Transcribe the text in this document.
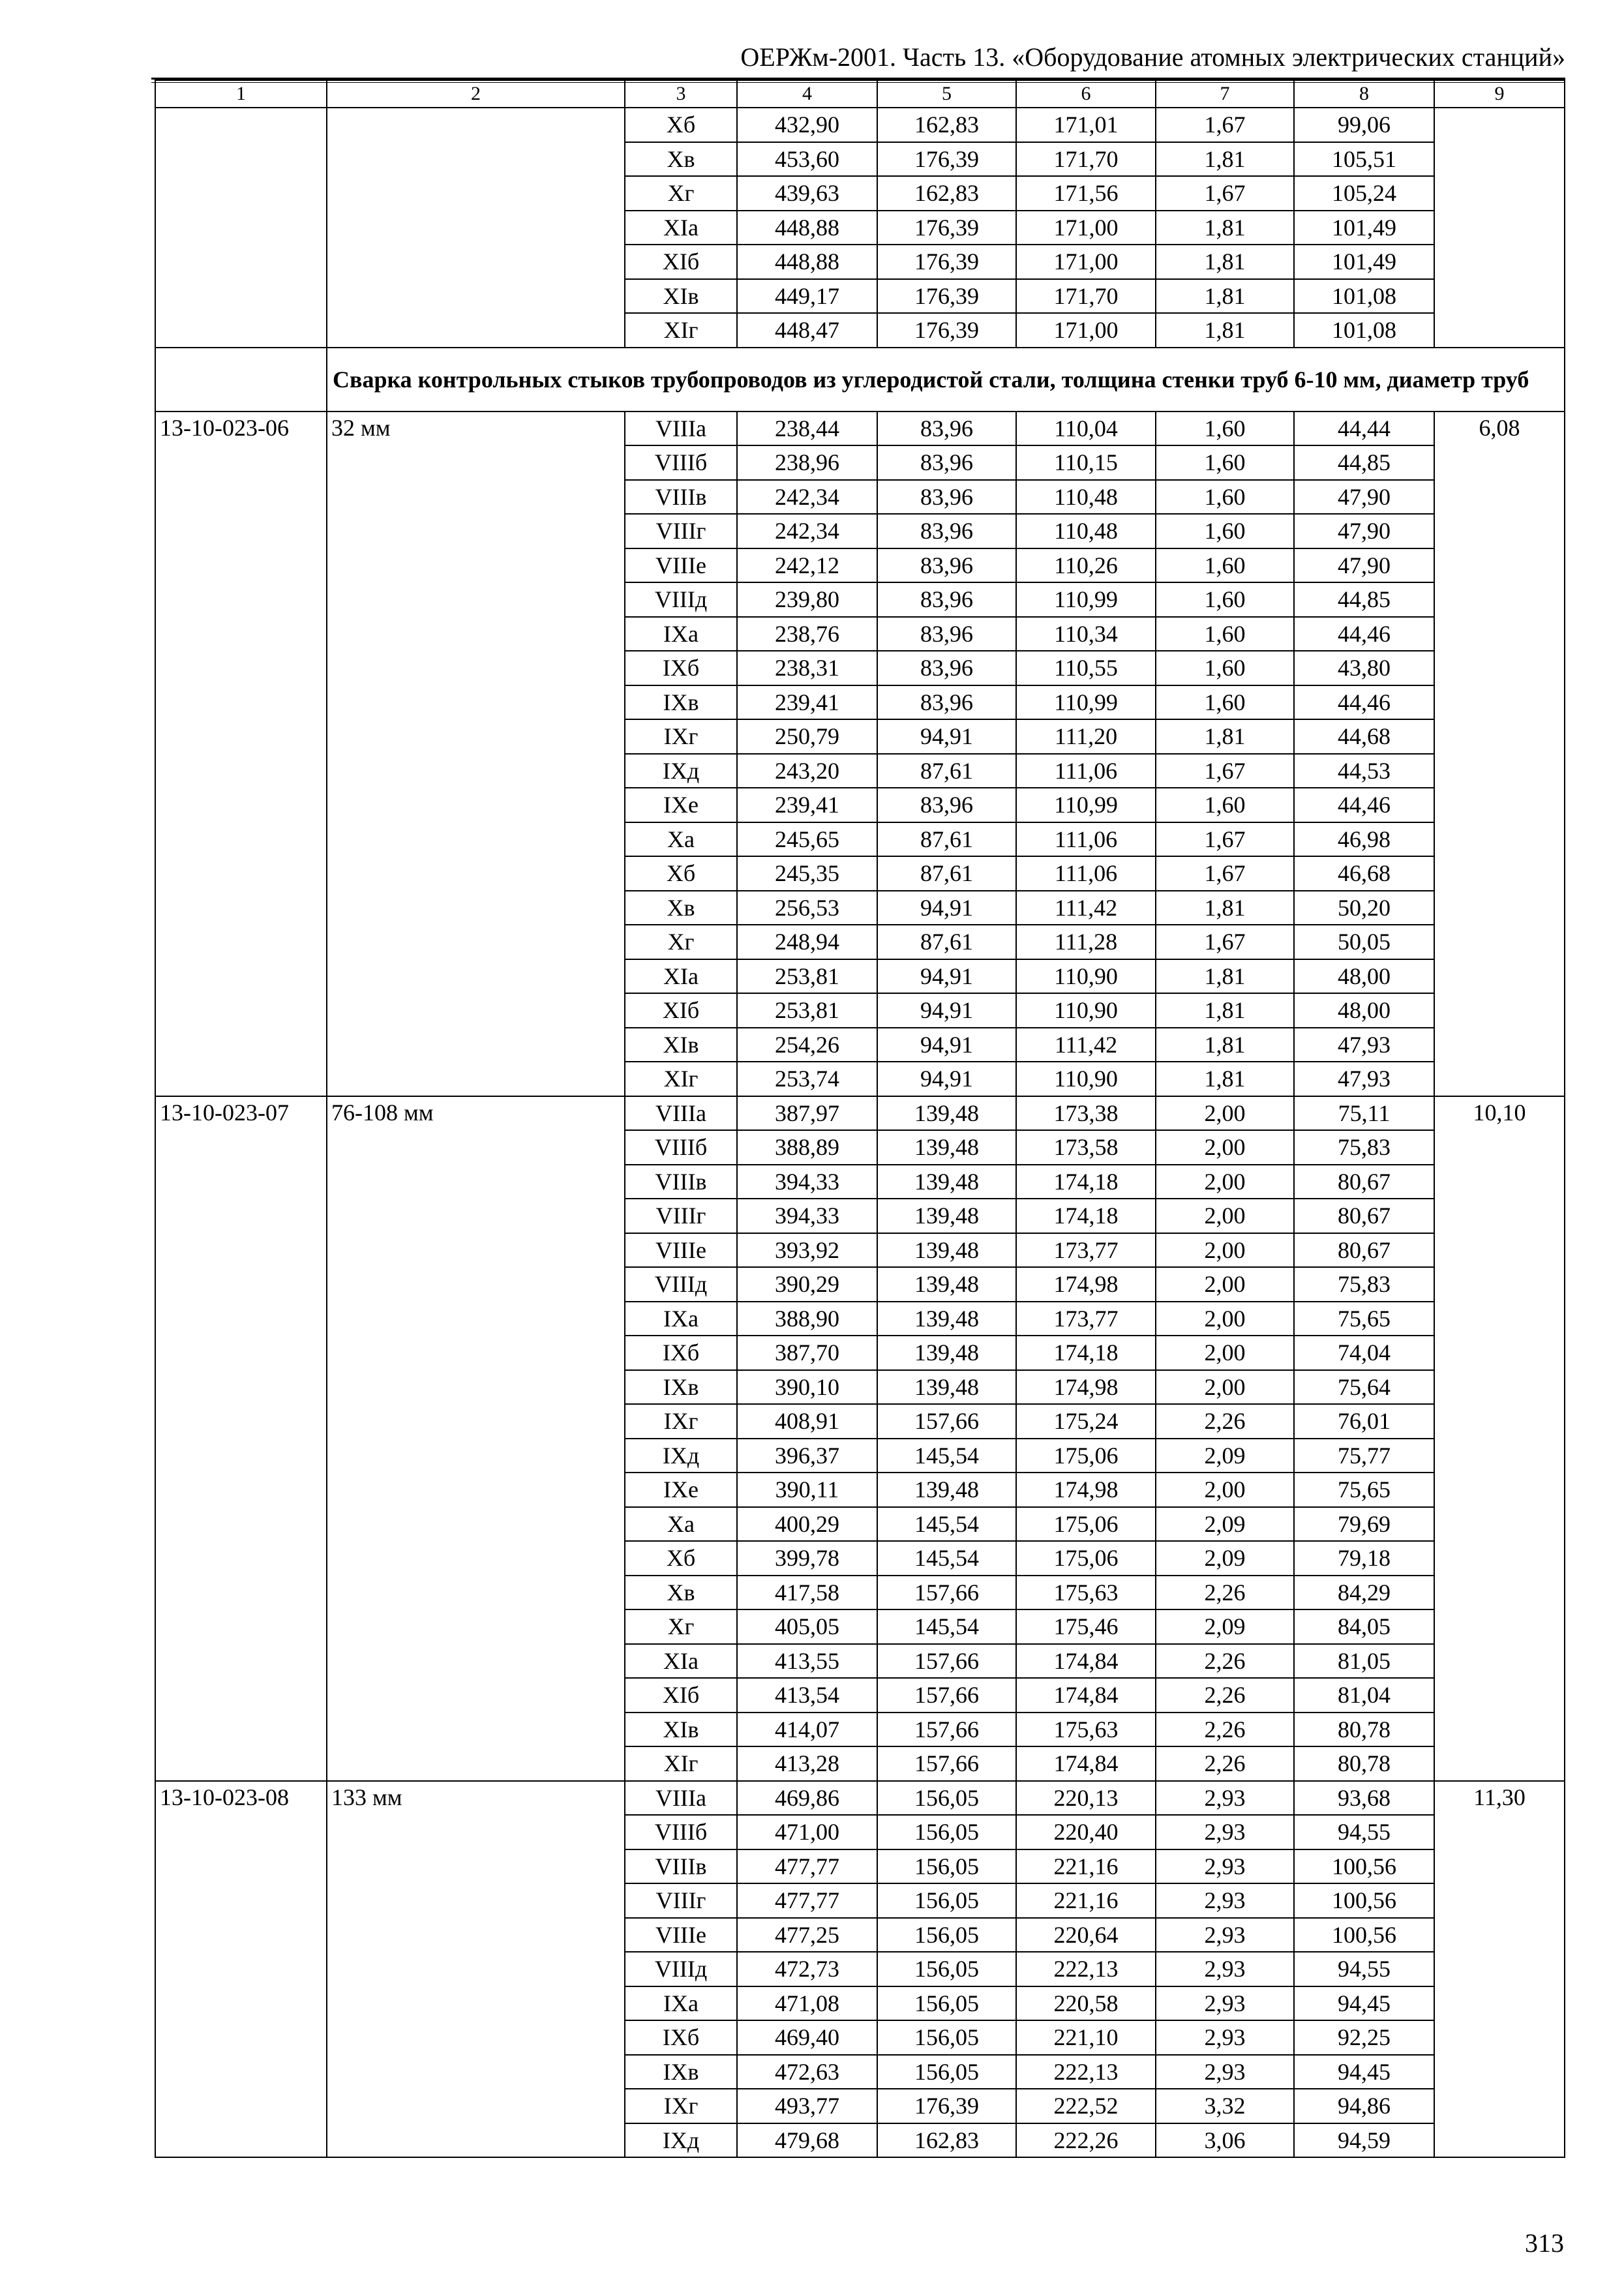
ОЕРЖм-2001. Часть 13. «Оборудование атомных электрических станций»
1	2	3	4	5	6	7	8	9
		Хб	432,90	162,83	171,01	1,67	99,06	
		Хв	453,60	176,39	171,70	1,81	105,51	
		Хг	439,63	162,83	171,56	1,67	105,24	
		XIa	448,88	176,39	171,00	1,81	101,49	
		XIб	448,88	176,39	171,00	1,81	101,49	
		XIв	449,17	176,39	171,70	1,81	101,08	
		XIг	448,47	176,39	171,00	1,81	101,08	
	Сварка контрольных стыков трубопроводов из углеродистой стали, толщина стенки труб 6-10 мм, диаметр труб							
13-10-023-06	32 мм	VIIIa	238,44	83,96	110,04	1,60	44,44	6,08
		VIIIб	238,96	83,96	110,15	1,60	44,85	
		VIIIв	242,34	83,96	110,48	1,60	47,90	
		VIIIг	242,34	83,96	110,48	1,60	47,90	
		VIIIe	242,12	83,96	110,26	1,60	47,90	
		VIIIд	239,80	83,96	110,99	1,60	44,85	
		IXa	238,76	83,96	110,34	1,60	44,46	
		IXб	238,31	83,96	110,55	1,60	43,80	
		IXв	239,41	83,96	110,99	1,60	44,46	
		IXг	250,79	94,91	111,20	1,81	44,68	
		IXд	243,20	87,61	111,06	1,67	44,53	
		IXe	239,41	83,96	110,99	1,60	44,46	
		Xa	245,65	87,61	111,06	1,67	46,98	
		Xб	245,35	87,61	111,06	1,67	46,68	
		Xв	256,53	94,91	111,42	1,81	50,20	
		Xг	248,94	87,61	111,28	1,67	50,05	
		XIa	253,81	94,91	110,90	1,81	48,00	
		XIб	253,81	94,91	110,90	1,81	48,00	
		XIв	254,26	94,91	111,42	1,81	47,93	
		XIг	253,74	94,91	110,90	1,81	47,93	
13-10-023-07	76-108 мм	VIIIa	387,97	139,48	173,38	2,00	75,11	10,10
		VIIIб	388,89	139,48	173,58	2,00	75,83	
		VIIIв	394,33	139,48	174,18	2,00	80,67	
		VIIIг	394,33	139,48	174,18	2,00	80,67	
		VIIIe	393,92	139,48	173,77	2,00	80,67	
		VIIIд	390,29	139,48	174,98	2,00	75,83	
		IXa	388,90	139,48	173,77	2,00	75,65	
		IXб	387,70	139,48	174,18	2,00	74,04	
		IXв	390,10	139,48	174,98	2,00	75,64	
		IXг	408,91	157,66	175,24	2,26	76,01	
		IXд	396,37	145,54	175,06	2,09	75,77	
		IXe	390,11	139,48	174,98	2,00	75,65	
		Xa	400,29	145,54	175,06	2,09	79,69	
		Xб	399,78	145,54	175,06	2,09	79,18	
		Xв	417,58	157,66	175,63	2,26	84,29	
		Xг	405,05	145,54	175,46	2,09	84,05	
		XIa	413,55	157,66	174,84	2,26	81,05	
		XIб	413,54	157,66	174,84	2,26	81,04	
		XIв	414,07	157,66	175,63	2,26	80,78	
		XIг	413,28	157,66	174,84	2,26	80,78	
13-10-023-08	133 мм	VIIIa	469,86	156,05	220,13	2,93	93,68	11,30
		VIIIб	471,00	156,05	220,40	2,93	94,55	
		VIIIв	477,77	156,05	221,16	2,93	100,56	
		VIIIг	477,77	156,05	221,16	2,93	100,56	
		VIIIe	477,25	156,05	220,64	2,93	100,56	
		VIIIд	472,73	156,05	222,13	2,93	94,55	
		IXa	471,08	156,05	220,58	2,93	94,45	
		IXб	469,40	156,05	221,10	2,93	92,25	
		IXв	472,63	156,05	222,13	2,93	94,45	
		IXг	493,77	176,39	222,52	3,32	94,86	
		IXд	479,68	162,83	222,26	3,06	94,59	
313
